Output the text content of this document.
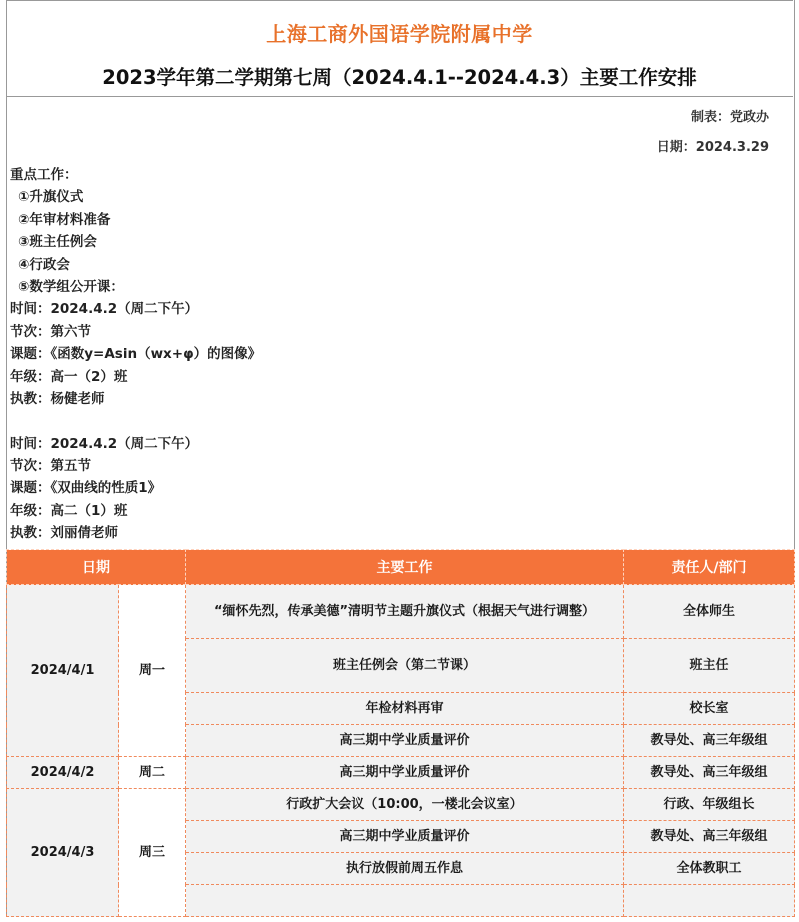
上海工商外国语学院附属中学
2023学年第二学期第七周（2024.4.1--2024.4.3）主要工作安排
制表：党政办
日期：2024.3.29
重点工作：
①升旗仪式
②年审材料准备
③班主任例会
④行政会
⑤数学组公开课：
时间：2024.4.2（周二下午）
节次：第六节
课题：《函数y=Asin（wx+φ）的图像》
年级：高一（2）班
执教：杨健老师
时间：2024.4.2（周二下午）
节次：第五节
课题：《双曲线的性质1》
年级：高二（1）班
执教：刘丽倩老师
日期		主要工作	责任人/部门
2024/4/1	周一	“缅怀先烈，传承美德”清明节主题升旗仪式（根据天气进行调整）	全体师生
		班主任例会（第二节课）	班主任
		年检材料再审	校长室
		高三期中学业质量评价	教导处、高三年级组
2024/4/2	周二	高三期中学业质量评价	教导处、高三年级组
2024/4/3	周三	行政扩大会议（10:00，一楼北会议室）	行政、年级组长
		高三期中学业质量评价	教导处、高三年级组
		执行放假前周五作息	全体教职工
